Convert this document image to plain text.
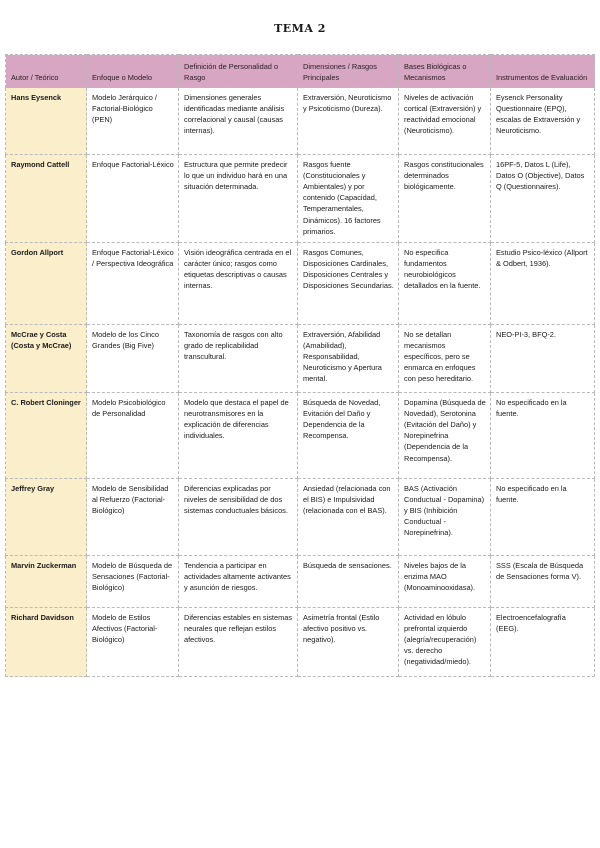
TEMA 2
Autor / Teórico	Enfoque o Modelo	Definición de Personalidad o Rasgo	Dimensiones / Rasgos Principales	Bases Biológicas o Mecanismos	Instrumentos de Evaluación
Hans Eysenck	Modelo Jerárquico / Factorial-Biológico (PEN)	Dimensiones generales identificadas mediante análisis correlacional y causal (causas internas).	Extraversión, Neuroticismo y Psicoticismo (Dureza).	Niveles de activación cortical (Extraversión) y reactividad emocional (Neuroticismo).	Eysenck Personality Questionnaire (EPQ), escalas de Extraversión y Neuroticismo.
Raymond Cattell	Enfoque Factorial-Léxico	Estructura que permite predecir lo que un individuo hará en una situación determinada.	Rasgos fuente (Constitucionales y Ambientales) y por contenido (Capacidad, Temperamentales, Dinámicos). 16 factores primarios.	Rasgos constitucionales determinados biológicamente.	16PF-5, Datos L (Life), Datos O (Objective), Datos Q (Questionnaires).
Gordon Allport	Enfoque Factorial-Léxico / Perspectiva Ideográfica	Visión ideográfica centrada en el carácter único; rasgos como etiquetas descriptivas o causas internas.	Rasgos Comunes, Disposiciones Cardinales, Disposiciones Centrales y Disposiciones Secundarias.	No especifica fundamentos neurobiológicos detallados en la fuente.	Estudio Psico-léxico (Allport & Odbert, 1936).
McCrae y Costa (Costa y McCrae)	Modelo de los Cinco Grandes (Big Five)	Taxonomía de rasgos con alto grado de replicabilidad transcultural.	Extraversión, Afabilidad (Amabilidad), Responsabilidad, Neuroticismo y Apertura mental.	No se detallan mecanismos específicos, pero se enmarca en enfoques con peso hereditario.	NEO-PI-3, BFQ-2.
C. Robert Cloninger	Modelo Psicobiológico de Personalidad	Modelo que destaca el papel de neurotransmisores en la explicación de diferencias individuales.	Búsqueda de Novedad, Evitación del Daño y Dependencia de la Recompensa.	Dopamina (Búsqueda de Novedad), Serotonina (Evitación del Daño) y Norepinefrina (Dependencia de la Recompensa).	No especificado en la fuente.
Jeffrey Gray	Modelo de Sensibilidad al Refuerzo (Factorial-Biológico)	Diferencias explicadas por niveles de sensibilidad de dos sistemas conductuales básicos.	Ansiedad (relacionada con el BIS) e Impulsividad (relacionada con el BAS).	BAS (Activación Conductual - Dopamina) y BIS (Inhibición Conductual - Norepinefrina).	No especificado en la fuente.
Marvin Zuckerman	Modelo de Búsqueda de Sensaciones (Factorial-Biológico)	Tendencia a participar en actividades altamente activantes y asunción de riesgos.	Búsqueda de sensaciones.	Niveles bajos de la enzima MAO (Monoaminooxidasa).	SSS (Escala de Búsqueda de Sensaciones forma V).
Richard Davidson	Modelo de Estilos Afectivos (Factorial-Biológico)	Diferencias estables en sistemas neurales que reflejan estilos afectivos.	Asimetría frontal (Estilo afectivo positivo vs. negativo).	Actividad en lóbulo prefrontal izquierdo (alegría/recuperación) vs. derecho (negatividad/miedo).	Electroencefalografía (EEG).
